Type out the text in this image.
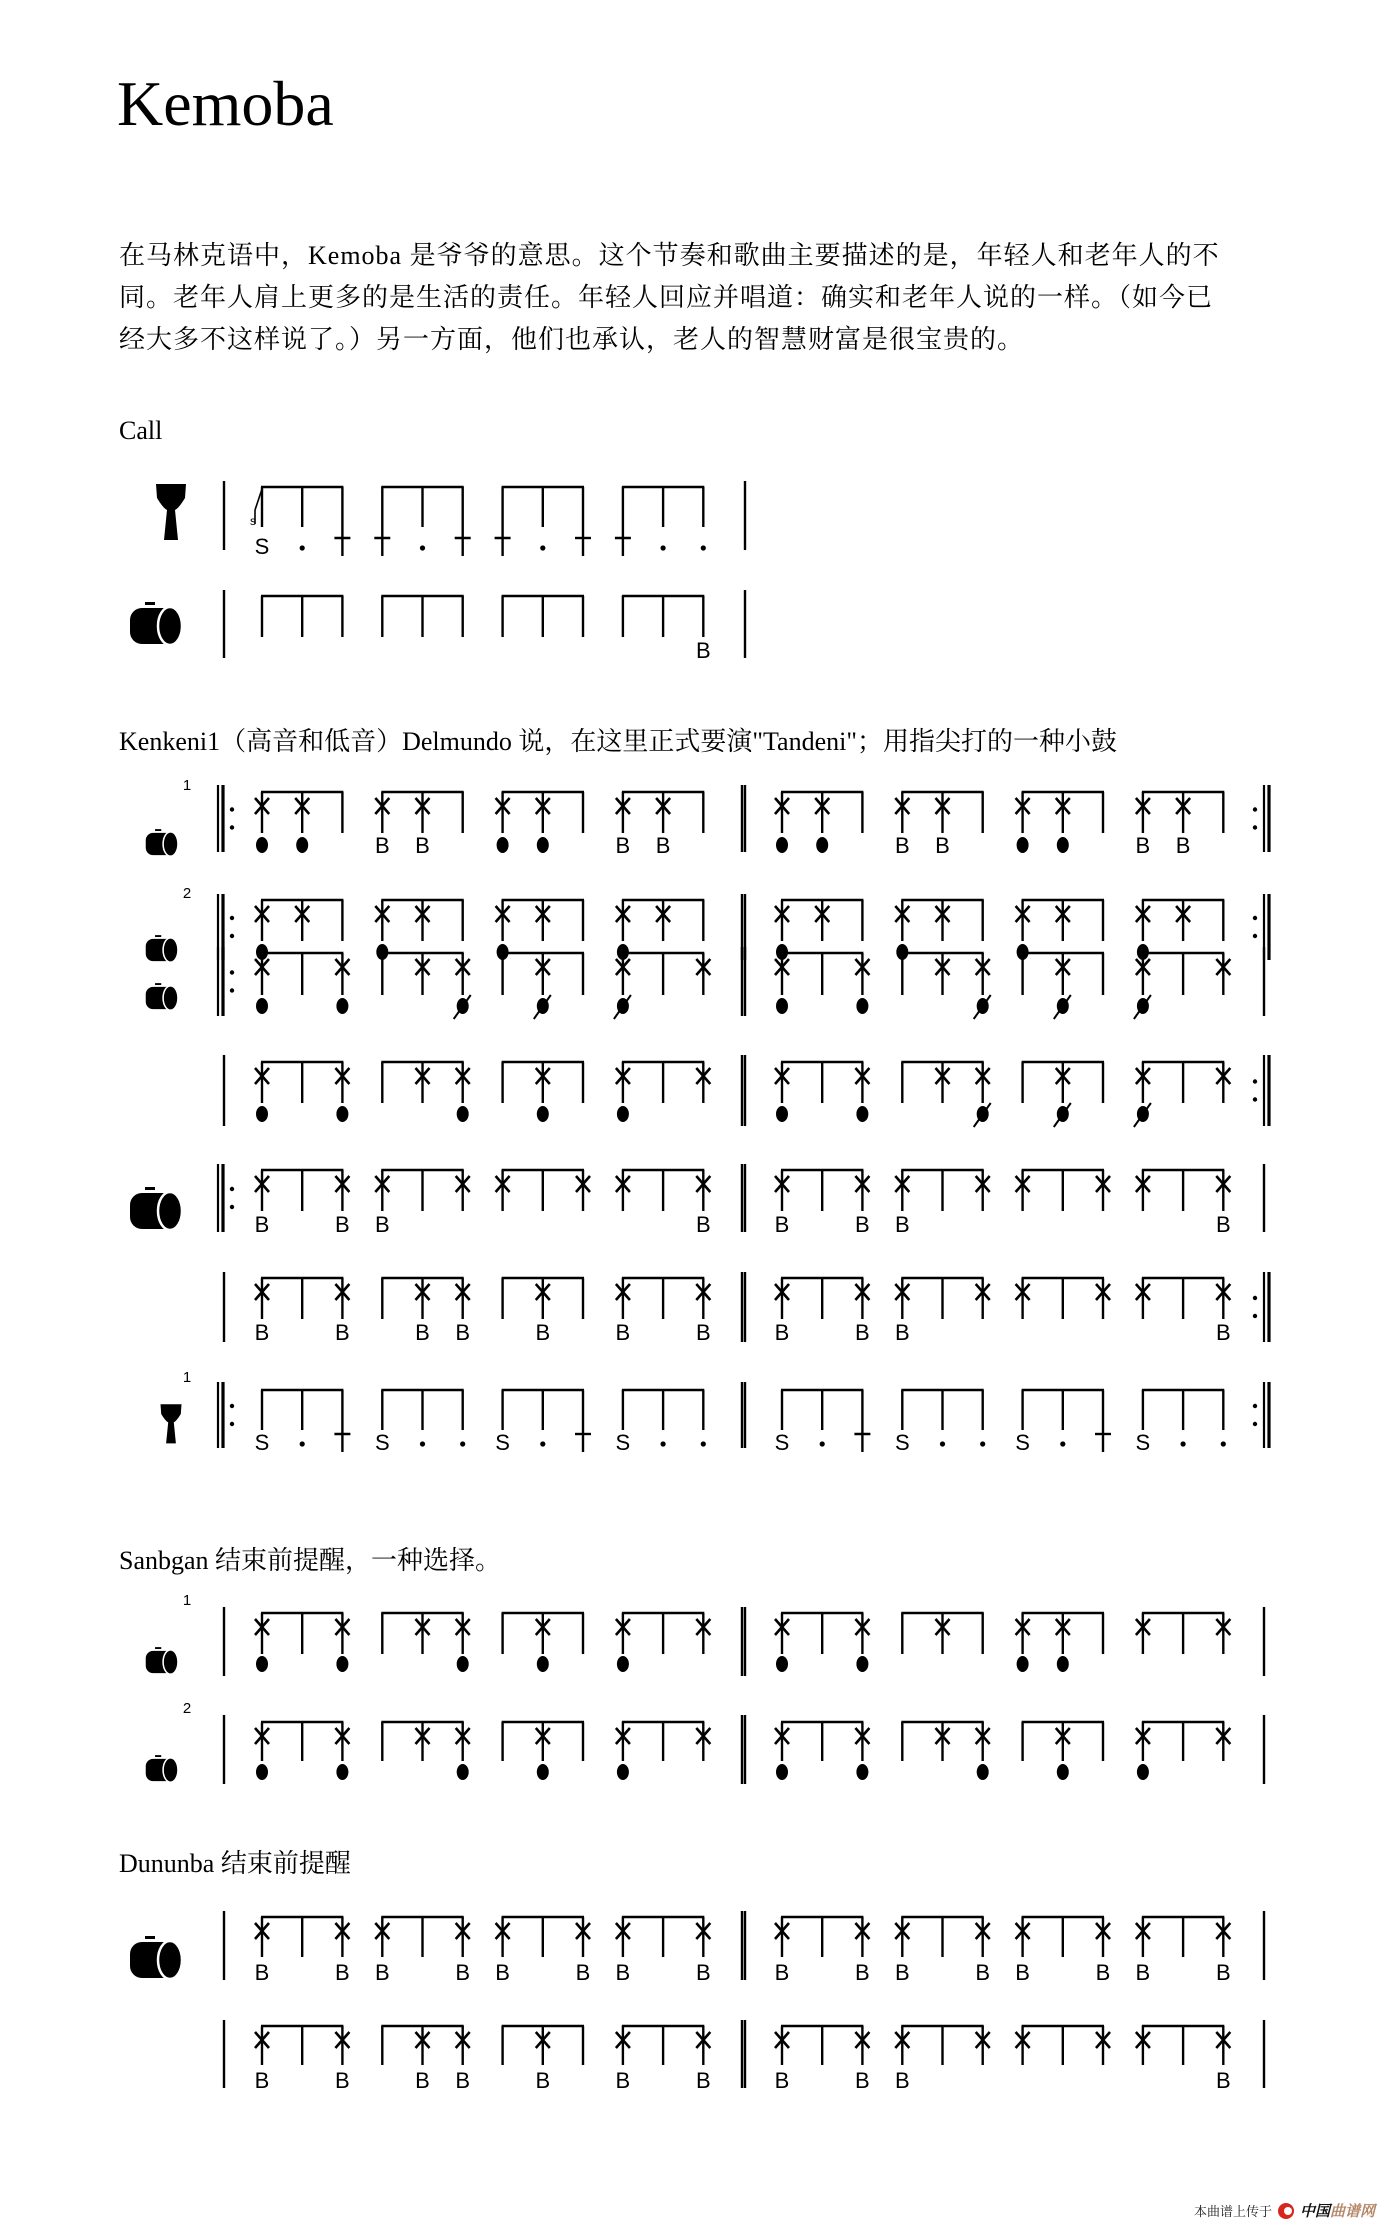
Kemoba
在马林克语中，Kemoba 是爷爷的意思。这个节奏和歌曲主要描述的是，年轻人和老年人的不
同。老年人肩上更多的是生活的责任。年轻人回应并唱道：确实和老年人说的一样。（如今已
经大多不这样说了。）另一方面，他们也承认，老人的智慧财富是很宝贵的。
Call
Kenkeni1（高音和低音）Delmundo 说，在这里正式要演"Tandeni"；用指尖打的一种小鼓
Sanbgan 结束前提醒，一种选择。
Dununba 结束前提醒
S
s
B
1
B B	B B	B B	B B
2
B	B B	B	B	B B	B
B	B	B B	B	B	B	B	B B	B
1
S	S	S	S	S	S	S	S
1
2
B	B B	B B	B B	B	B	B B	B B	B B	B
B	B	B B	B	B	B	B	B B	B
本曲谱上传于 中国 曲谱网
